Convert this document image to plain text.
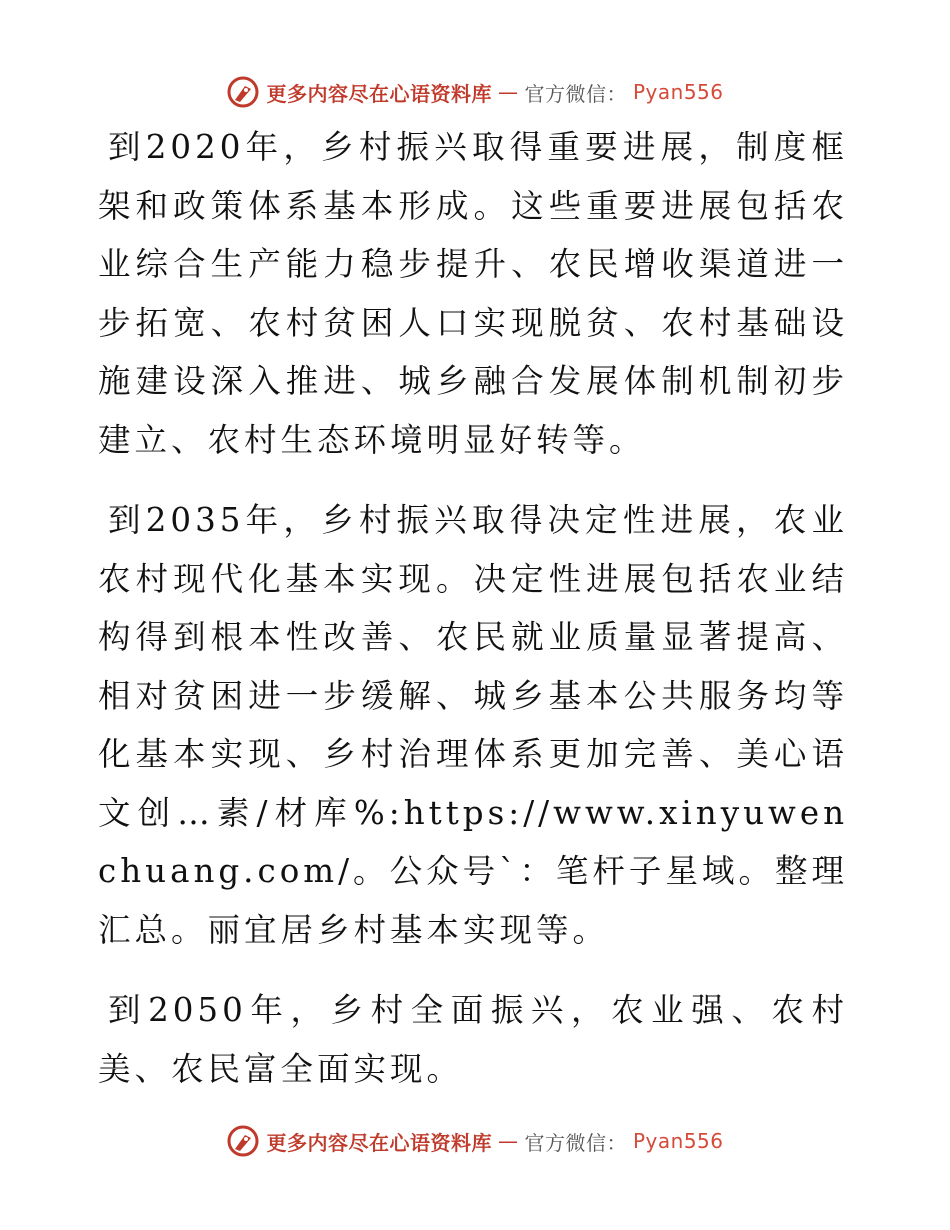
更多内容尽在心语资料库 — 官方微信： Pyan556

到2020年，乡村振兴取得重要进展，制度框架和政策体系基本形成。这些重要进展包括农业综合生产能力稳步提升、农民增收渠道进一步拓宽、农村贫困人口实现脱贫、农村基础设施建设深入推进、城乡融合发展体制机制初步建立、农村生态环境明显好转等。

到2035年，乡村振兴取得决定性进展，农业农村现代化基本实现。决定性进展包括农业结构得到根本性改善、农民就业质量显著提高、相对贫困进一步缓解、城乡基本公共服务均等化基本实现、乡村治理体系更加完善、美心语文创…素/材库%:https://www.xinyuwenchuang.com/。公众号`：笔杆子星域。整理汇总。丽宜居乡村基本实现等。

到2050年，乡村全面振兴，农业强、农村美、农民富全面实现。

更多内容尽在心语资料库 — 官方微信： Pyan556
